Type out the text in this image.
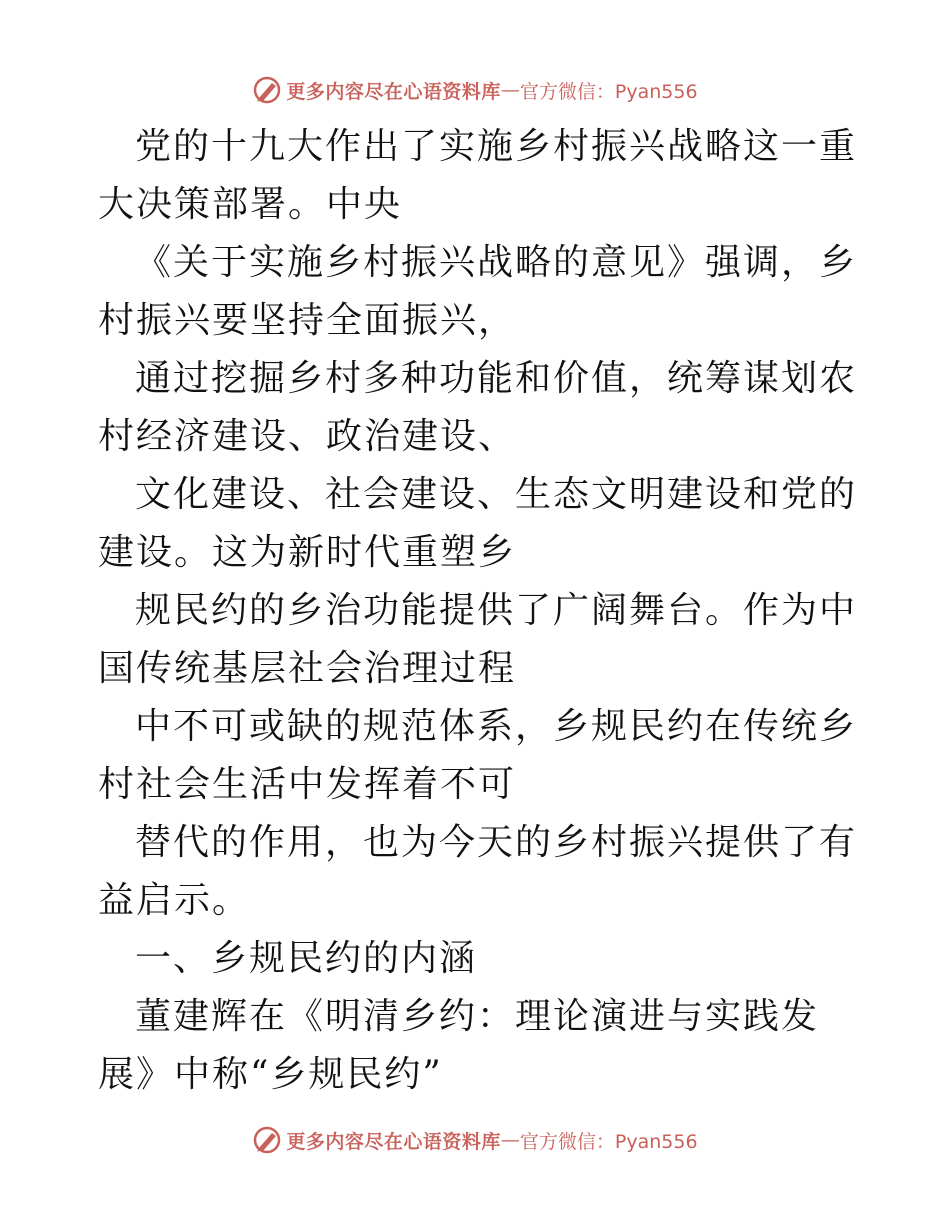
更多内容尽在心语资料库 — 官方微信：Pyan556

党的十九大作出了实施乡村振兴战略这一重大决策部署。中央

《关于实施乡村振兴战略的意见》强调，乡村振兴要坚持全面振兴，

通过挖掘乡村多种功能和价值，统筹谋划农村经济建设、政治建设、

文化建设、社会建设、生态文明建设和党的建设。这为新时代重塑乡

规民约的乡治功能提供了广阔舞台。作为中国传统基层社会治理过程

中不可或缺的规范体系，乡规民约在传统乡村社会生活中发挥着不可

替代的作用，也为今天的乡村振兴提供了有益启示。

一、乡规民约的内涵

董建辉在《明清乡约：理论演进与实践发展》中称“乡规民约”

更多内容尽在心语资料库 — 官方微信：Pyan556
